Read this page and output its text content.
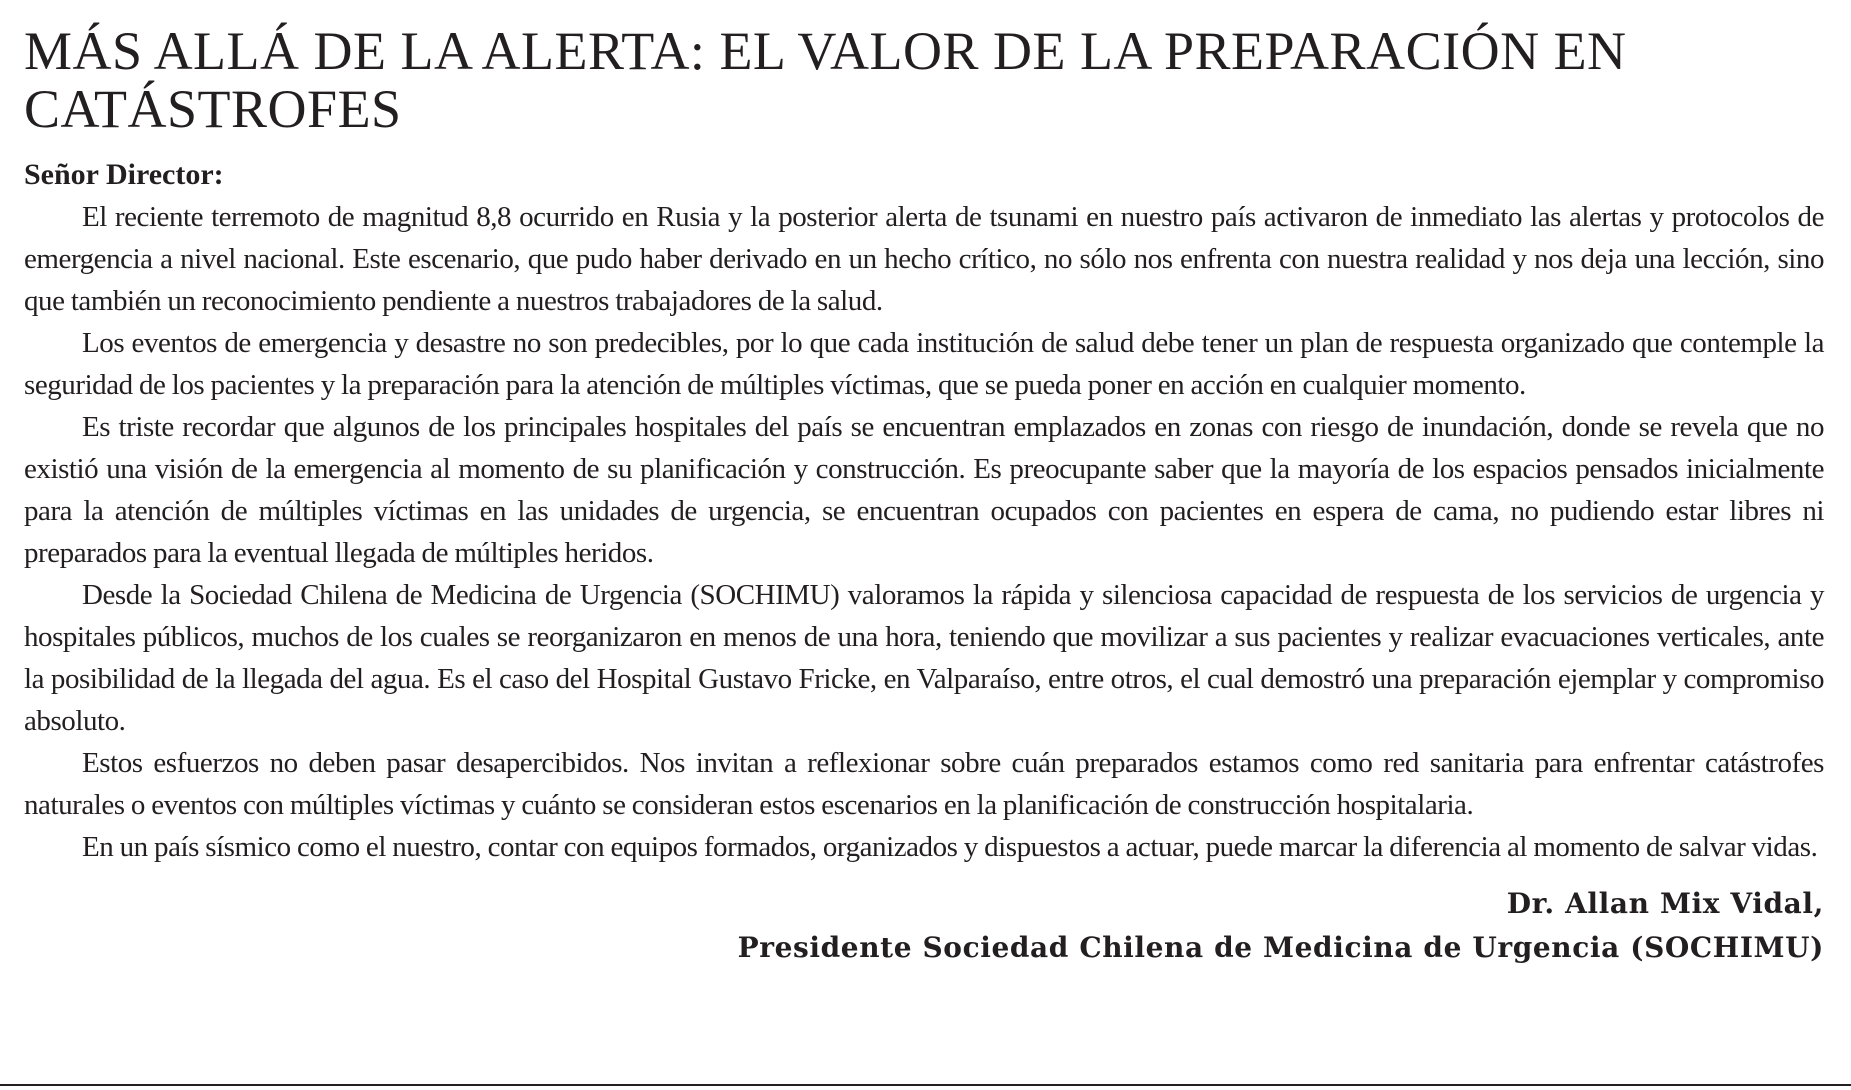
MÁS ALLÁ DE LA ALERTA: EL VALOR DE LA PREPARACIÓN EN CATÁSTROFES
Señor Director:

El reciente terremoto de magnitud 8,8 ocurrido en Rusia y la posterior alerta de tsunami en nuestro país activaron de inmediato las alertas y protocolos de emergencia a nivel nacional. Este escenario, que pudo haber derivado en un hecho crítico, no sólo nos enfrenta con nuestra realidad y nos deja una lección, sino que también un reconocimiento pendiente a nuestros trabajadores de la salud.

Los eventos de emergencia y desastre no son predecibles, por lo que cada institución de salud debe tener un plan de respuesta organizado que contemple la seguridad de los pacientes y la preparación para la atención de múltiples víctimas, que se pueda poner en acción en cualquier momento.

Es triste recordar que algunos de los principales hospitales del país se encuentran emplazados en zonas con riesgo de inundación, donde se revela que no existió una visión de la emergencia al momento de su planificación y construcción. Es preocupante saber que la mayoría de los espacios pensados inicialmente para la atención de múltiples víctimas en las unidades de urgencia, se encuentran ocupados con pacientes en espera de cama, no pudiendo estar libres ni preparados para la eventual llegada de múltiples heridos.

Desde la Sociedad Chilena de Medicina de Urgencia (SOCHIMU) valoramos la rápida y silenciosa capacidad de respuesta de los servicios de urgencia y hospitales públicos, muchos de los cuales se reorganizaron en menos de una hora, teniendo que movilizar a sus pacientes y realizar evacuaciones verticales, ante la posibilidad de la llegada del agua. Es el caso del Hospital Gustavo Fricke, en Valparaíso, entre otros, el cual demostró una preparación ejemplar y compromiso absoluto.

Estos esfuerzos no deben pasar desapercibidos. Nos invitan a reflexionar sobre cuán preparados estamos como red sanitaria para enfrentar catástrofes naturales o eventos con múltiples víctimas y cuánto se consideran estos escenarios en la planificación de construcción hospitalaria.

En un país sísmico como el nuestro, contar con equipos formados, organizados y dispuestos a actuar, puede marcar la diferencia al momento de salvar vidas.

Dr. Allan Mix Vidal,
Presidente Sociedad Chilena de Medicina de Urgencia (SOCHIMU)
